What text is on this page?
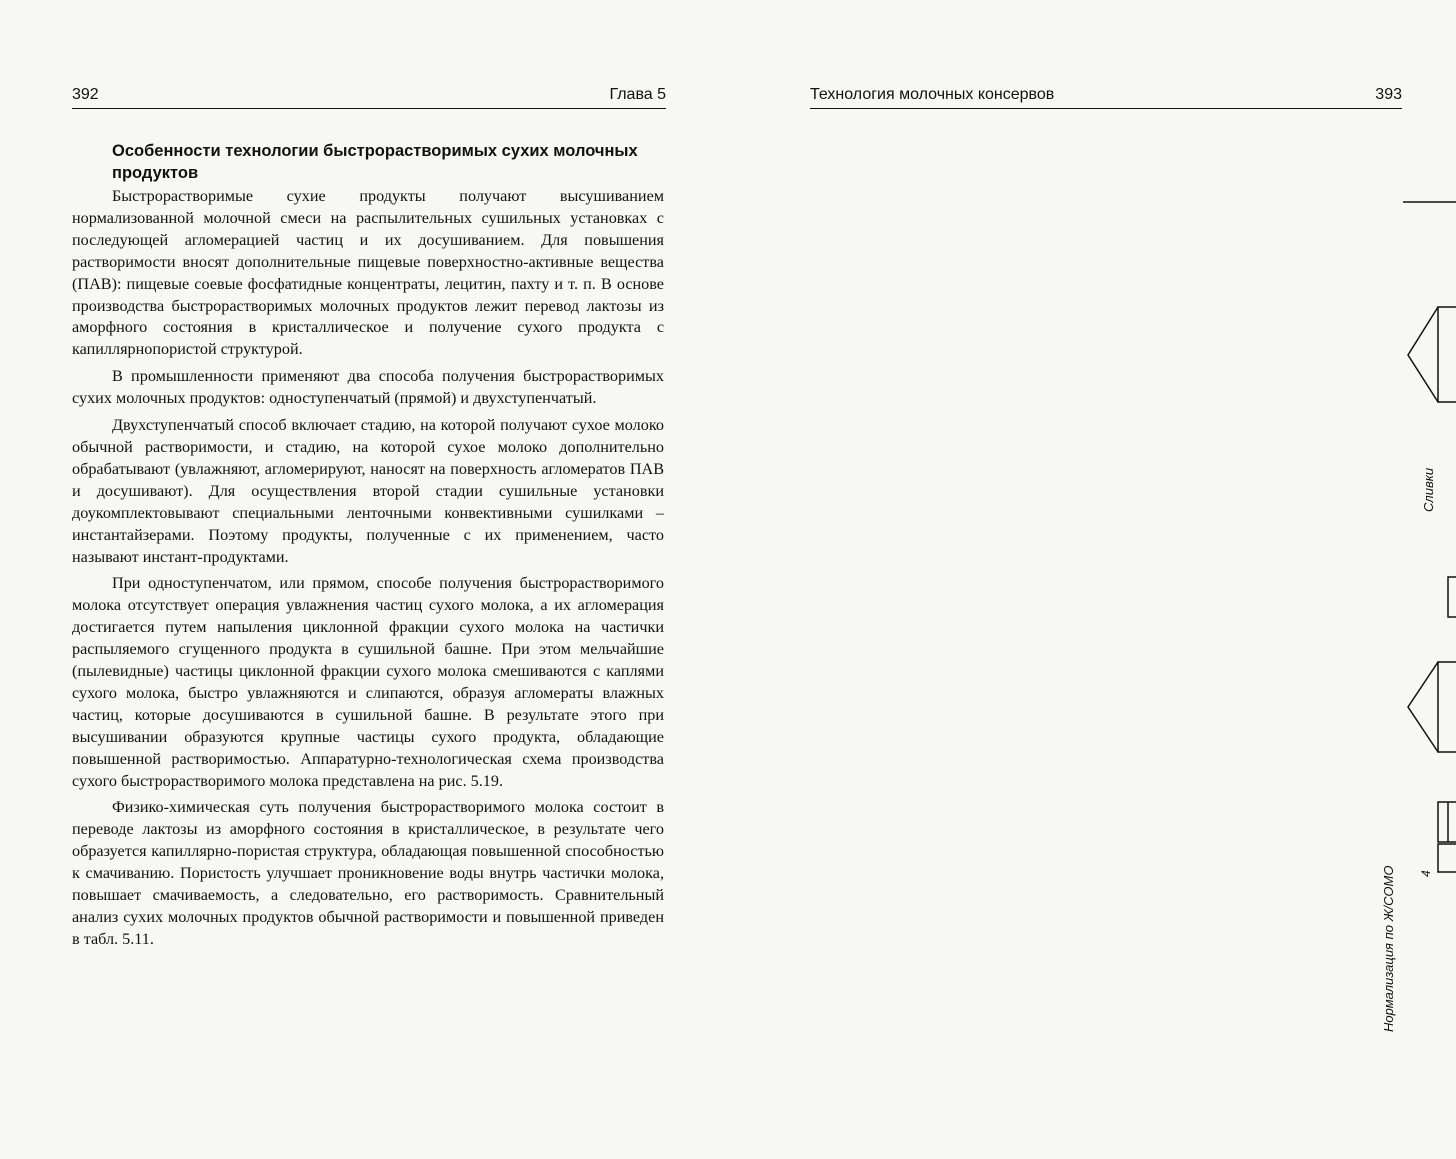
392	Глава 5
Особенности технологии быстрорастворимых сухих молочных продуктов

Быстрорастворимые сухие продукты получают высушиванием нормализованной молочной смеси на распылительных сушильных установках с последующей агломерацией частиц и их досушиванием. Для повышения растворимости вносят дополнительные пищевые поверхностно-активные вещества (ПАВ): пищевые соевые фосфатидные концентраты, лецитин, пахту и т. п. В основе производства быстрорастворимых молочных продуктов лежит перевод лактозы из аморфного состояния в кристаллическое и получение сухого продукта с капиллярнопористой структурой.

В промышленности применяют два способа получения быстрорастворимых сухих молочных продуктов: одноступенчатый (прямой) и двухступенчатый.

Двухступенчатый способ включает стадию, на которой получают сухое молоко обычной растворимости, и стадию, на которой сухое молоко дополнительно обрабатывают (увлажняют, агломерируют, наносят на поверхность агломератов ПАВ и досушивают). Для осуществления второй стадии сушильные установки доукомплектовывают специальными ленточными конвективными сушилками – инстантайзерами. Поэтому продукты, полученные с их применением, часто называют инстант-продуктами.

При одноступенчатом, или прямом, способе получения быстрорастворимого молока отсутствует операция увлажнения частиц сухого молока, а их агломерация достигается путем напыления циклонной фракции сухого молока на частички распыляемого сгущенного продукта в сушильной башне. При этом мельчайшие (пылевидные) частицы циклонной фракции сухого молока смешиваются с каплями сухого молока, быстро увлажняются и слипаются, образуя агломераты влажных частиц, которые досушиваются в сушильной башне. В результате этого при высушивании образуются крупные частицы сухого продукта, обладающие повышенной растворимостью. Аппаратурно-технологическая схема производства сухого быстрорастворимого молока представлена на рис. 5.19.

Физико-химическая суть получения быстрорастворимого молока состоит в переводе лактозы из аморфного состояния в кристаллическое, в результате чего образуется капиллярно-пористая структура, обладающая повышенной способностью к смачиванию. Пористость улучшает проникновение воды внутрь частички молока, повышает смачиваемость, а следовательно, его растворимость. Сравнительный анализ сухих молочных продуктов обычной растворимости и повышенной приведен в табл. 5.11.

Технология молочных консервов	393
Нормализация по Ж/СОМО
Сливки
4
